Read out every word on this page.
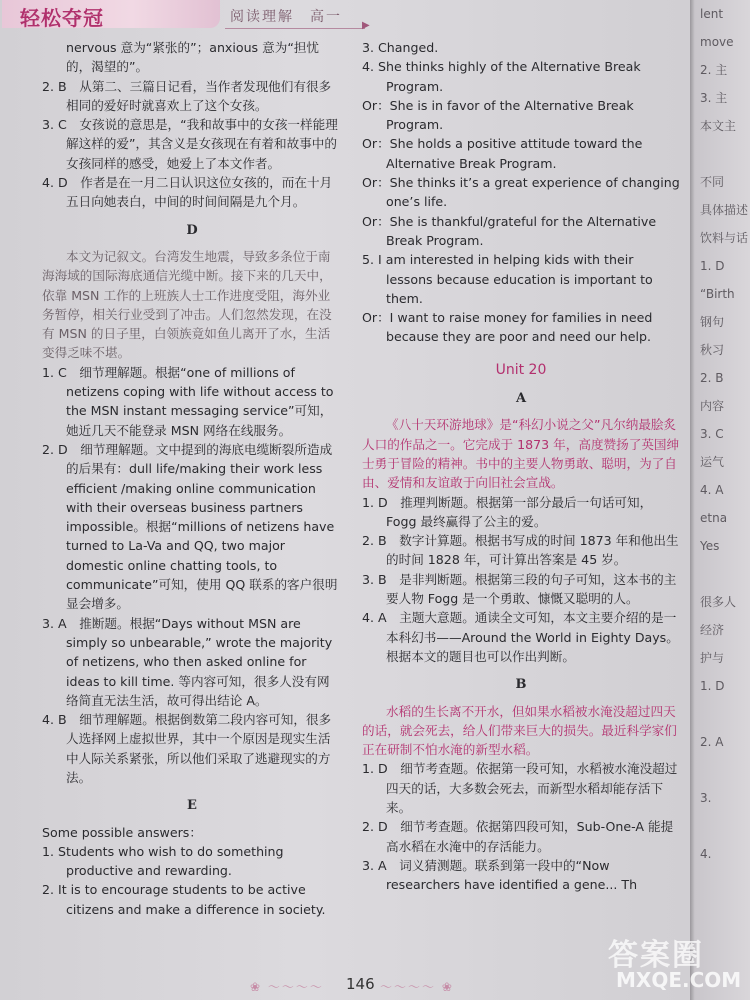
轻松夺冠	阅读理解　高一
▶

nervous 意为“紧张的”；anxious 意为“担忧的，渴望的”。

2. B　从第二、三篇日记看，当作者发现他们有很多相同的爱好时就喜欢上了这个女孩。

3. C　女孩说的意思是，“我和故事中的女孩一样能理解这样的爱”，其含义是女孩现在有着和故事中的女孩同样的感受，她爱上了本文作者。

4. D　作者是在一月二日认识这位女孩的，而在十月五日向她表白，中间的时间间隔是九个月。

D

本文为记叙文。台湾发生地震，导致多条位于南海海域的国际海底通信光缆中断。接下来的几天中，依靠 MSN 工作的上班族人士工作进度受阻，海外业务暂停，相关行业受到了冲击。人们忽然发现，在没有 MSN 的日子里，白领族竟如鱼儿离开了水，生活变得乏味不堪。

1. C　细节理解题。根据“one of millions of netizens coping with life without access to the MSN instant messaging service”可知，她近几天不能登录 MSN 网络在线服务。

2. D　细节理解题。文中提到的海底电缆断裂所造成的后果有：dull life/making their work less efficient /making online communication with their overseas business partners impossible。根据“millions of netizens have turned to La-Va and QQ, two major domestic online chatting tools, to communicate”可知，使用 QQ 联系的客户很明显会增多。

3. A　推断题。根据“Days without MSN are simply so unbearable,” wrote the majority of netizens, who then asked online for ideas to kill time. 等内容可知，很多人没有网络简直无法生活，故可得出结论 A。

4. B　细节理解题。根据倒数第二段内容可知，很多人选择网上虚拟世界，其中一个原因是现实生活中人际关系紧张，所以他们采取了逃避现实的方法。

E

Some possible answers：

1. Students who wish to do something productive and rewarding.

2. It is to encourage students to be active citizens and make a difference in society.

3. Changed.

4. She thinks highly of the Alternative Break Program.

Or：She is in favor of the Alternative Break Program.

Or：She holds a positive attitude toward the Alternative Break Program.

Or：She thinks it’s a great experience of changing one’s life.

Or：She is thankful/grateful for the Alternative Break Program.

5. I am interested in helping kids with their lessons because education is important to them.

Or：I want to raise money for families in need because they are poor and need our help.

Unit 20
A

《八十天环游地球》是“科幻小说之父”凡尔纳最脍炙人口的作品之一。它完成于 1873 年，高度赞扬了英国绅士勇于冒险的精神。书中的主要人物勇敢、聪明，为了自由、爱情和友谊敢于向旧社会宣战。

1. D　推理判断题。根据第一部分最后一句话可知，Fogg 最终赢得了公主的爱。

2. B　数字计算题。根据书写成的时间 1873 年和他出生的时间 1828 年，可计算出答案是 45 岁。

3. B　是非判断题。根据第三段的句子可知，这本书的主要人物 Fogg 是一个勇敢、慷慨又聪明的人。

4. A　主题大意题。通读全文可知，本文主要介绍的是一本科幻书——Around the World in Eighty Days。根据本文的题目也可以作出判断。

B

水稻的生长离不开水，但如果水稻被水淹没超过四天的话，就会死去，给人们带来巨大的损失。最近科学家们正在研制不怕水淹的新型水稻。

1. D　细节考查题。依据第一段可知，水稻被水淹没超过四天的话，大多数会死去，而新型水稻却能存活下来。

2. D　细节考查题。依据第四段可知，Sub-One-A 能提高水稻在水淹中的存活能力。

3. A　词义猜测题。联系到第一段中的“Now researchers have identified a gene... Th

lent
move
2. 主
3. 主
本文主

不同
具体描述
饮料与话
1. D
“Birth
钢句
秋习
2. B
内容
3. C
运气
4. A
etna
Yes

很多人
经济
护与
1. D

2. A

3.

4.
❀ ～～～～ 146 ～～～～ ❀
答案圈
MXQE.COM
